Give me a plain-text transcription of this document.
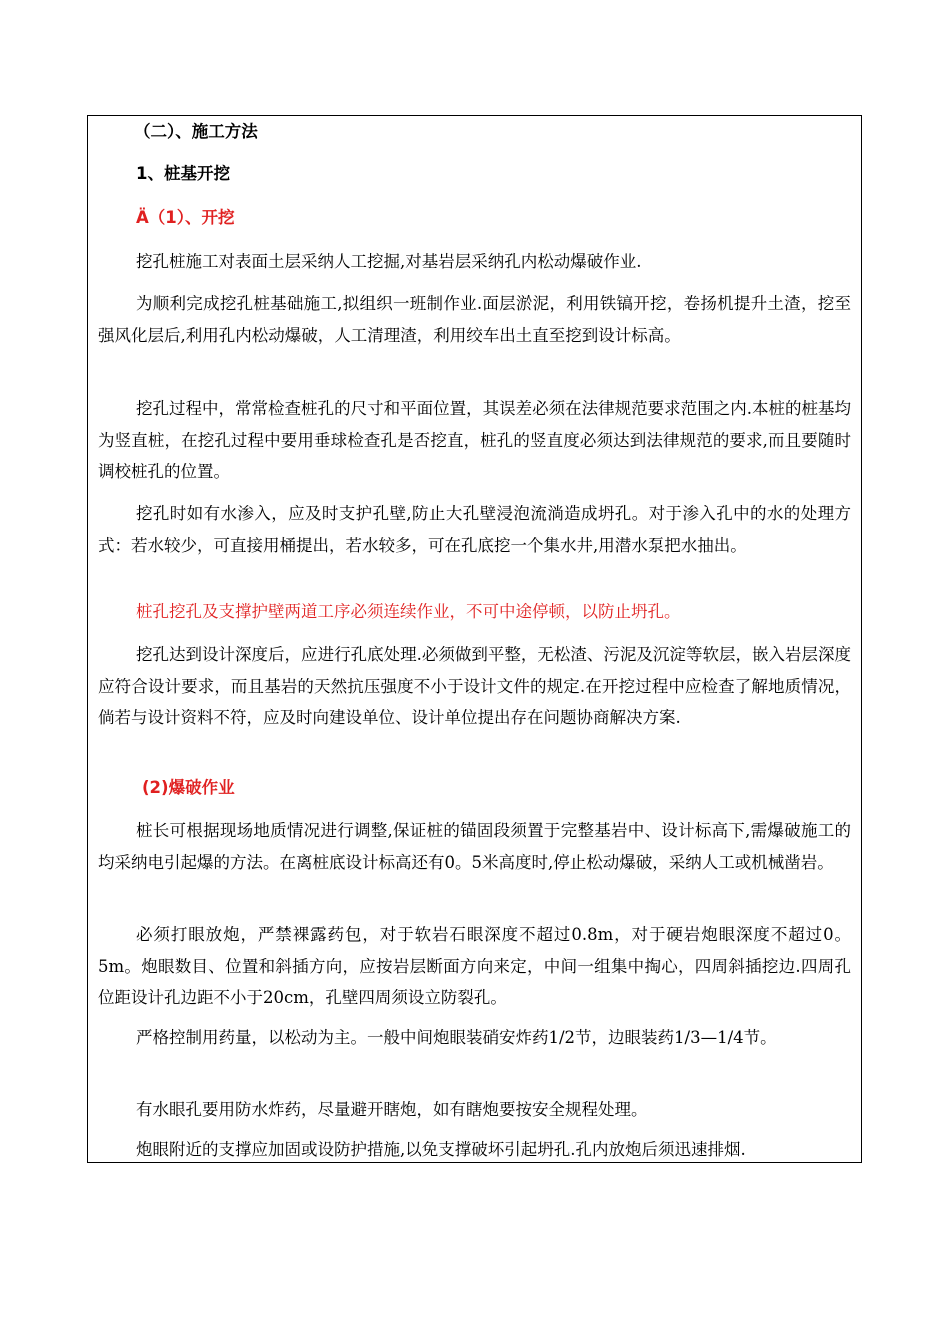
（二）、施工方法
1、桩基开挖
Ä（1）、开挖
挖孔桩施工对表面土层采纳人工挖掘,对基岩层采纳孔内松动爆破作业.
为顺利完成挖孔桩基础施工,拟组织一班制作业.面层淤泥，利用铁镐开挖，卷扬机提升土渣，挖至强风化层后,利用孔内松动爆破，人工清理渣，利用绞车出土直至挖到设计标高。
挖孔过程中，常常检查桩孔的尺寸和平面位置，其误差必须在法律规范要求范围之内.本桩的桩基均为竖直桩，在挖孔过程中要用垂球检查孔是否挖直，桩孔的竖直度必须达到法律规范的要求,而且要随时调校桩孔的位置。
挖孔时如有水渗入，应及时支护孔壁,防止大孔壁浸泡流淌造成坍孔。对于渗入孔中的水的处理方式：若水较少，可直接用桶提出，若水较多，可在孔底挖一个集水井,用潜水泵把水抽出。
桩孔挖孔及支撑护壁两道工序必须连续作业，不可中途停顿，以防止坍孔。
挖孔达到设计深度后，应进行孔底处理.必须做到平整，无松渣、污泥及沉淀等软层，嵌入岩层深度应符合设计要求，而且基岩的天然抗压强度不小于设计文件的规定.在开挖过程中应检查了解地质情况，倘若与设计资料不符，应及时向建设单位、设计单位提出存在问题协商解决方案.
(2)爆破作业
桩长可根据现场地质情况进行调整,保证桩的锚固段须置于完整基岩中、设计标高下,需爆破施工的均采纳电引起爆的方法。在离桩底设计标高还有0。5米高度时,停止松动爆破，采纳人工或机械凿岩。
必须打眼放炮，严禁裸露药包，对于软岩石眼深度不超过0.8m，对于硬岩炮眼深度不超过0。5m。炮眼数目、位置和斜插方向，应按岩层断面方向来定，中间一组集中掏心，四周斜插挖边.四周孔位距设计孔边距不小于20cm，孔壁四周须设立防裂孔。
严格控制用药量，以松动为主。一般中间炮眼装硝安炸药1/2节，边眼装药1/3—1/4节。
有水眼孔要用防水炸药，尽量避开瞎炮，如有瞎炮要按安全规程处理。
炮眼附近的支撑应加固或设防护措施,以免支撑破坏引起坍孔.孔内放炮后须迅速排烟.
